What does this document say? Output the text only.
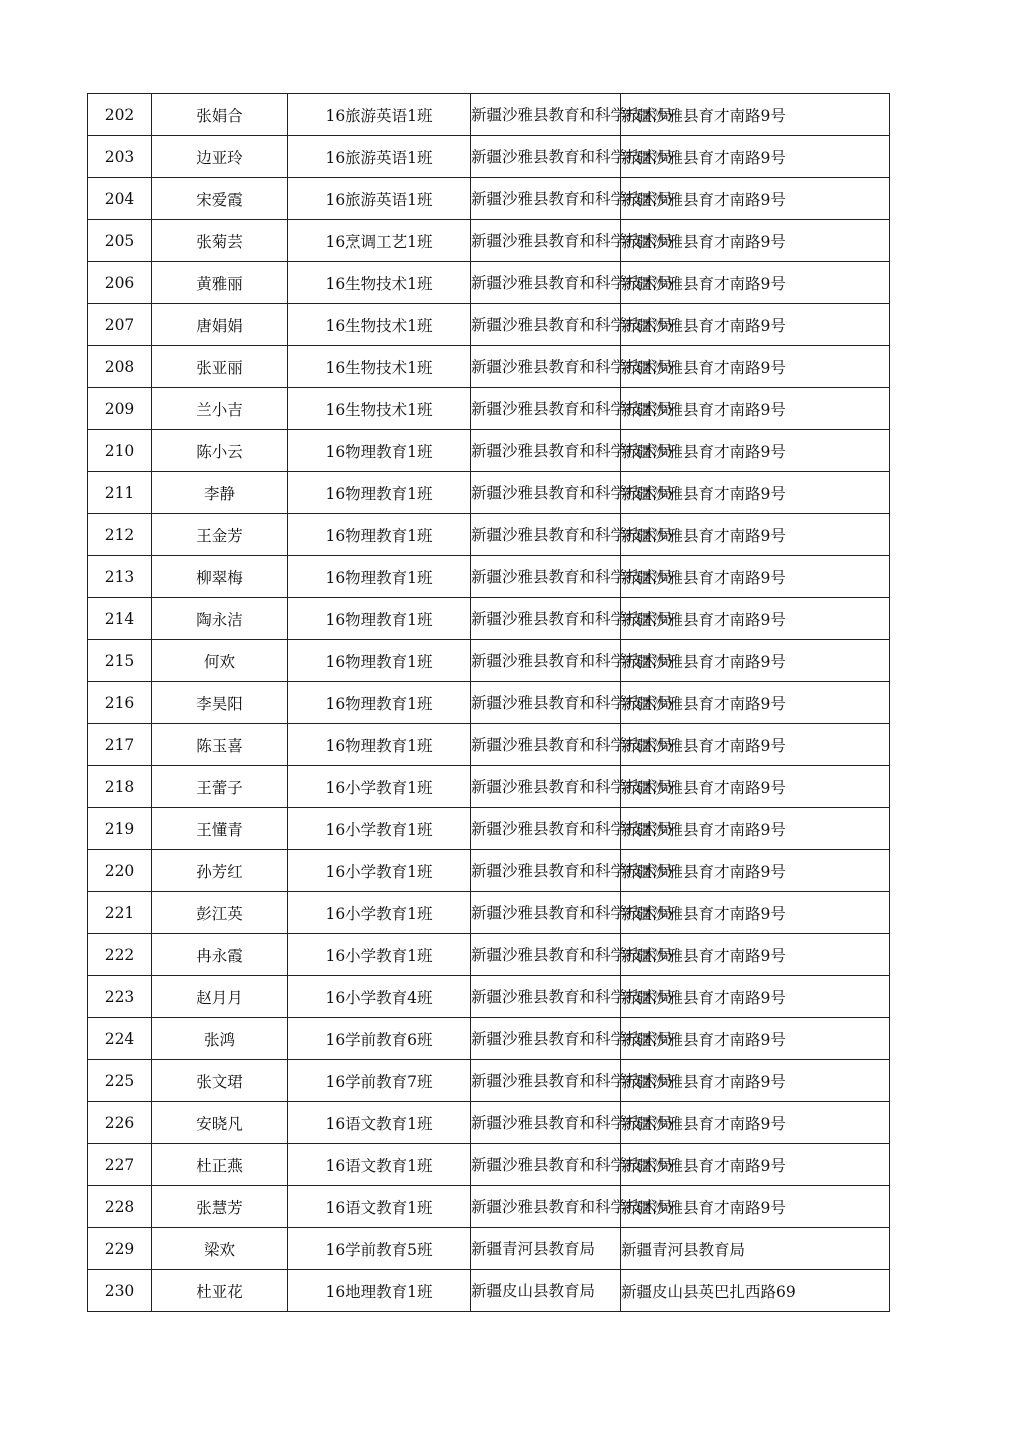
202	张娟合	16旅游英语1班	新疆沙雅县教育和科学技术局	新疆沙雅县育才南路9号
203	边亚玲	16旅游英语1班	新疆沙雅县教育和科学技术局	新疆沙雅县育才南路9号
204	宋爱霞	16旅游英语1班	新疆沙雅县教育和科学技术局	新疆沙雅县育才南路9号
205	张菊芸	16烹调工艺1班	新疆沙雅县教育和科学技术局	新疆沙雅县育才南路9号
206	黄雅丽	16生物技术1班	新疆沙雅县教育和科学技术局	新疆沙雅县育才南路9号
207	唐娟娟	16生物技术1班	新疆沙雅县教育和科学技术局	新疆沙雅县育才南路9号
208	张亚丽	16生物技术1班	新疆沙雅县教育和科学技术局	新疆沙雅县育才南路9号
209	兰小吉	16生物技术1班	新疆沙雅县教育和科学技术局	新疆沙雅县育才南路9号
210	陈小云	16物理教育1班	新疆沙雅县教育和科学技术局	新疆沙雅县育才南路9号
211	李静	16物理教育1班	新疆沙雅县教育和科学技术局	新疆沙雅县育才南路9号
212	王金芳	16物理教育1班	新疆沙雅县教育和科学技术局	新疆沙雅县育才南路9号
213	柳翠梅	16物理教育1班	新疆沙雅县教育和科学技术局	新疆沙雅县育才南路9号
214	陶永洁	16物理教育1班	新疆沙雅县教育和科学技术局	新疆沙雅县育才南路9号
215	何欢	16物理教育1班	新疆沙雅县教育和科学技术局	新疆沙雅县育才南路9号
216	李昊阳	16物理教育1班	新疆沙雅县教育和科学技术局	新疆沙雅县育才南路9号
217	陈玉喜	16物理教育1班	新疆沙雅县教育和科学技术局	新疆沙雅县育才南路9号
218	王蕾子	16小学教育1班	新疆沙雅县教育和科学技术局	新疆沙雅县育才南路9号
219	王懂青	16小学教育1班	新疆沙雅县教育和科学技术局	新疆沙雅县育才南路9号
220	孙芳红	16小学教育1班	新疆沙雅县教育和科学技术局	新疆沙雅县育才南路9号
221	彭江英	16小学教育1班	新疆沙雅县教育和科学技术局	新疆沙雅县育才南路9号
222	冉永霞	16小学教育1班	新疆沙雅县教育和科学技术局	新疆沙雅县育才南路9号
223	赵月月	16小学教育4班	新疆沙雅县教育和科学技术局	新疆沙雅县育才南路9号
224	张鸿	16学前教育6班	新疆沙雅县教育和科学技术局	新疆沙雅县育才南路9号
225	张文珺	16学前教育7班	新疆沙雅县教育和科学技术局	新疆沙雅县育才南路9号
226	安晓凡	16语文教育1班	新疆沙雅县教育和科学技术局	新疆沙雅县育才南路9号
227	杜正燕	16语文教育1班	新疆沙雅县教育和科学技术局	新疆沙雅县育才南路9号
228	张慧芳	16语文教育1班	新疆沙雅县教育和科学技术局	新疆沙雅县育才南路9号
229	梁欢	16学前教育5班	新疆青河县教育局	新疆青河县教育局
230	杜亚花	16地理教育1班	新疆皮山县教育局	新疆皮山县英巴扎西路69
